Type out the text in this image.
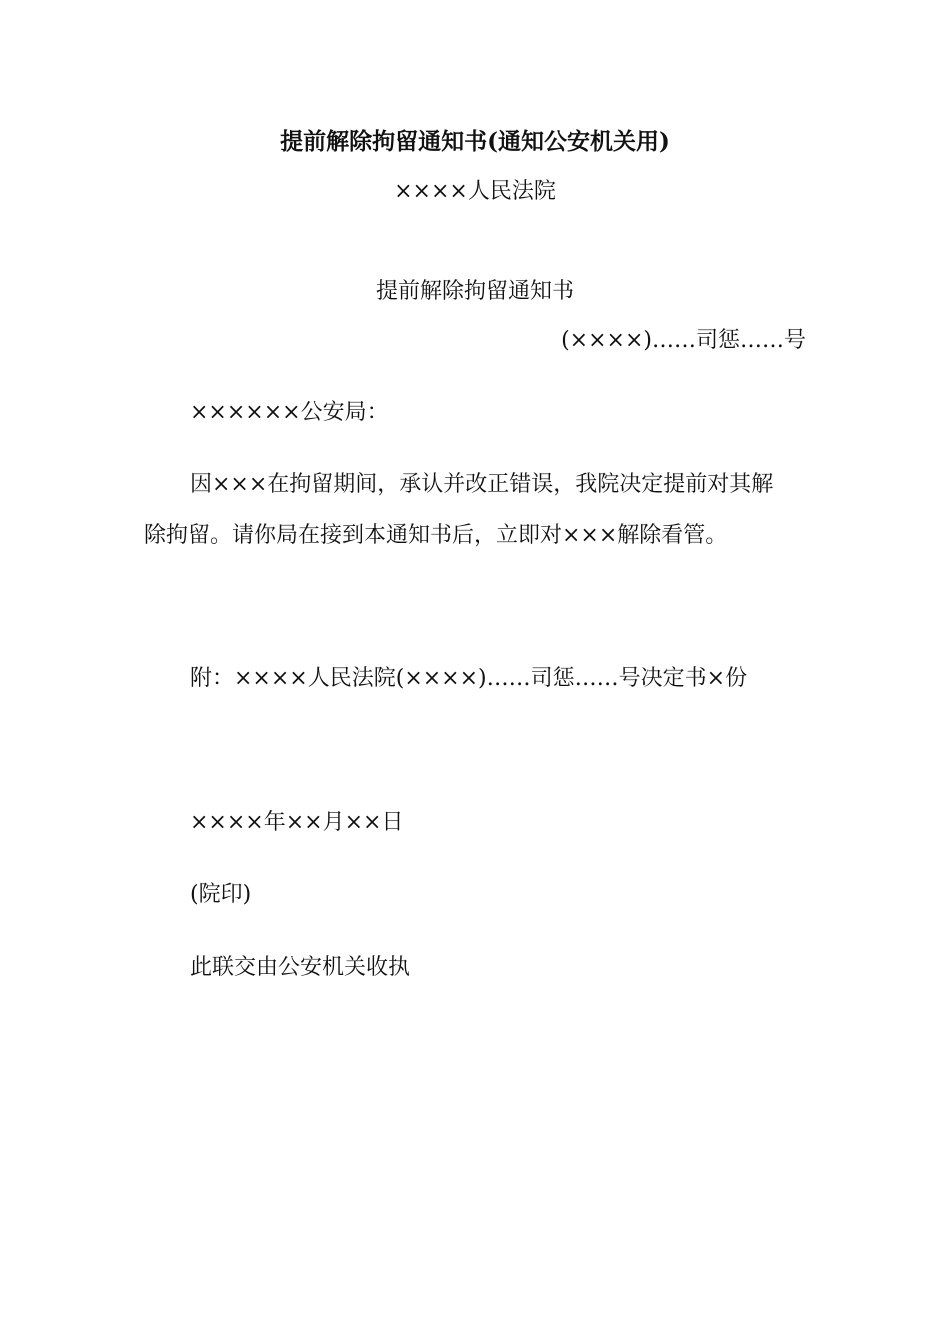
提前解除拘留通知书(通知公安机关用)
××××人民法院
提前解除拘留通知书
(××××)……司惩……号
××××××公安局：
因×××在拘留期间，承认并改正错误，我院决定提前对其解
除拘留。请你局在接到本通知书后，立即对×××解除看管。
附：××××人民法院(××××)……司惩……号决定书×份
××××年××月××日
(院印)
此联交由公安机关收执
